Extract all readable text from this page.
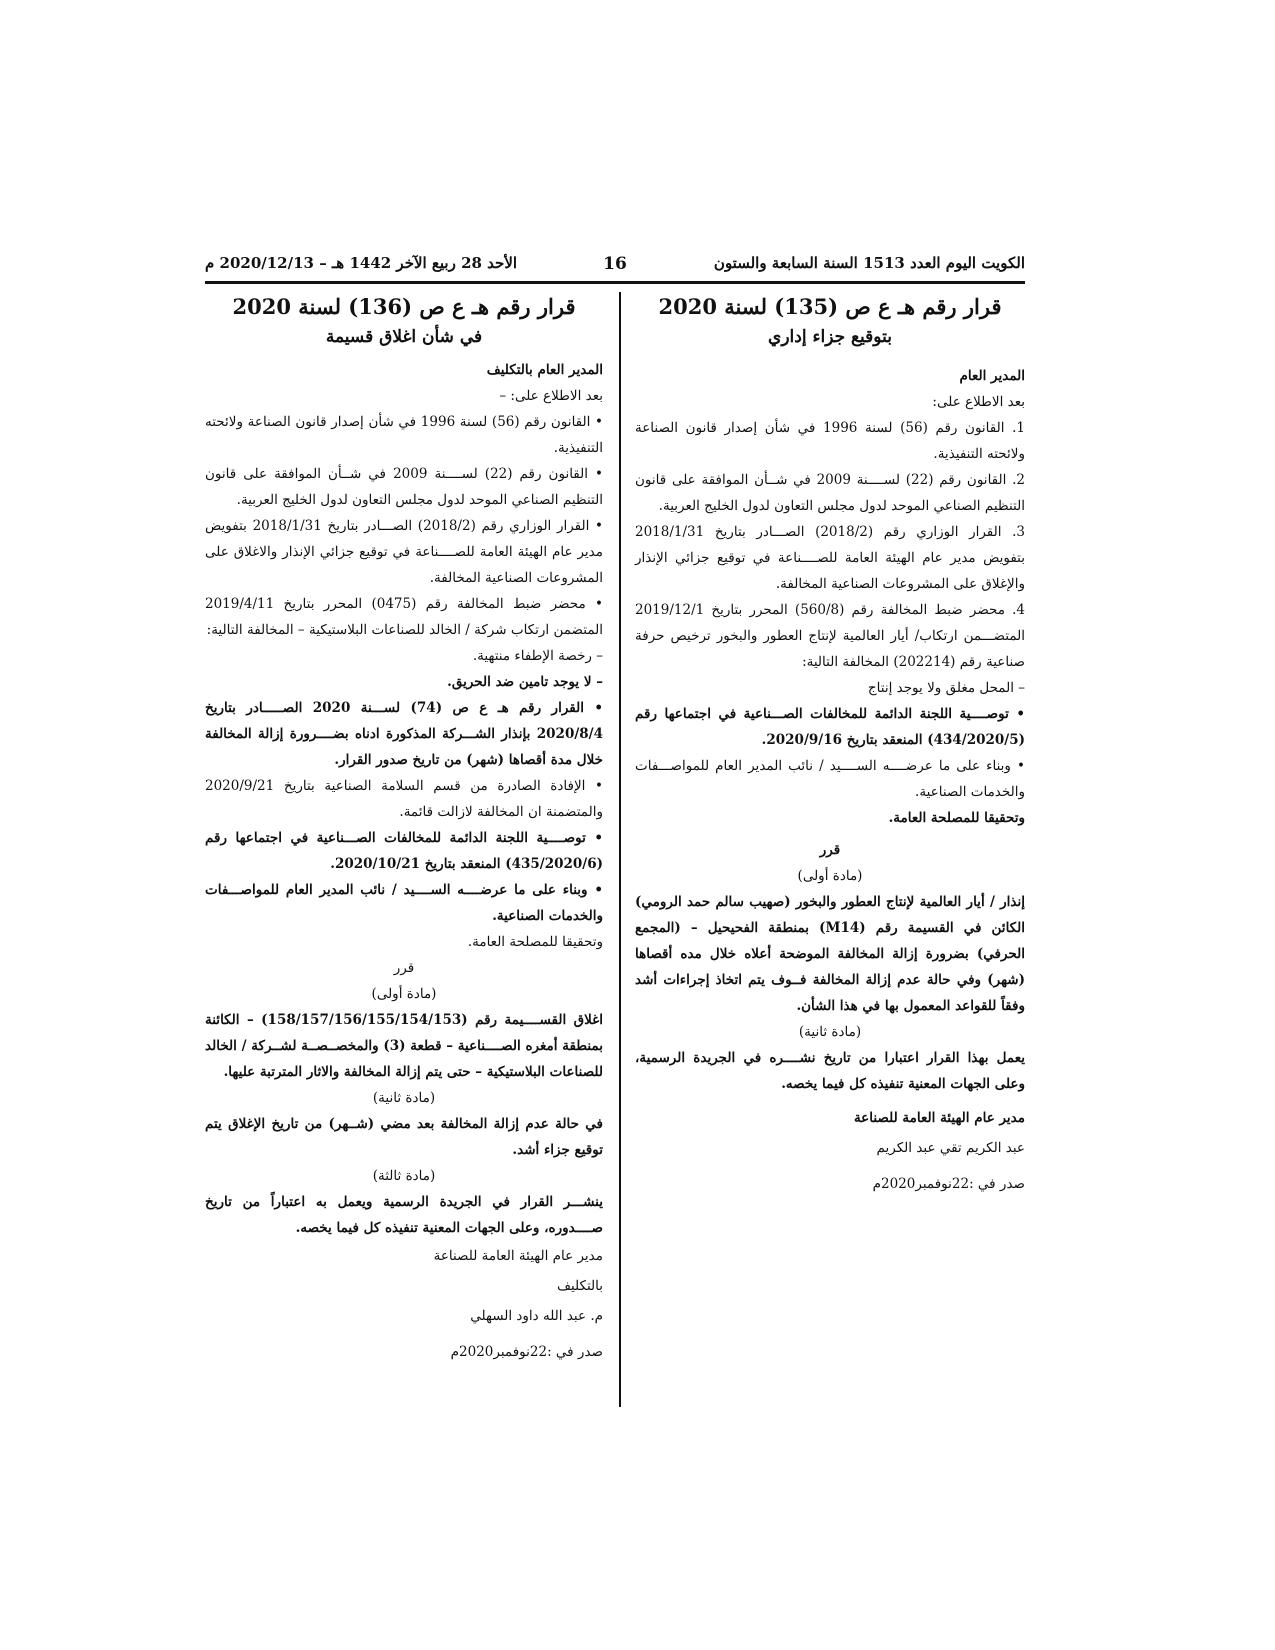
الكويت اليوم العدد 1513 السنة السابعة والستون
16
الأحد 28 ربيع الآخر 1442 هـ – 2020/12/13 م
قرار رقم هـ ع ص (135) لسنة 2020
بتوقيع جزاء إداري

المدير العام

بعد الاطلاع على:

1. القانون رقم (56) لسنة 1996 في شأن إصدار قانون الصناعة ولائحته التنفيذية.

2. القانون رقم (22) لســــنة 2009 في شــأن الموافقة على قانون التنظيم الصناعي الموحد لدول مجلس التعاون لدول الخليج العربية.

3. القرار الوزاري رقم (2018/2) الصـــادر بتاريخ 2018/1/31 بتفويض مدير عام الهيئة العامة للصــــناعة في توقيع جزائي الإنذار والإغلاق على المشروعات الصناعية المخالفة.

4. محضر ضبط المخالفة رقم (560/8) المحرر بتاريخ 2019/12/1 المتضـــمن ارتكاب/ أيار العالمية لإنتاج العطور والبخور ترخيص حرفة صناعية رقم (202214) المخالفة التالية:

– المحل مغلق ولا يوجد إنتاج

• توصــــية اللجنة الدائمة للمخالفات الصـــناعية في اجتماعها رقم (434/2020/5) المنعقد بتاريخ 2020/9/16.

• وبناء على ما عرضــــه الســــيد / نائب المدير العام للمواصـــفات والخدمات الصناعية.

وتحقيقا للمصلحة العامة.

قرر

(مادة أولى)

إنذار / أيار العالمية لإنتاج العطور والبخور (صهيب سالم حمد الرومي) الكائن في القسيمة رقم (M14) بمنطقة الفحيحيل – (المجمع الحرفي) بضرورة إزالة المخالفة الموضحة أعلاه خلال مده أقصاها (شهر) وفي حالة عدم إزالة المخالفة فــوف يتم اتخاذ إجراءات أشد وفقاً للقواعد المعمول بها في هذا الشأن.

(مادة ثانية)

يعمل بهذا القرار اعتبارا من تاريخ نشــــره في الجريدة الرسمية، وعلى الجهات المعنية تنفيذه كل فيما يخصه.

مدير عام الهيئة العامة للصناعة

عبد الكريم تقي عبد الكريم

صدر في :22نوفمبر2020م

قرار رقم هـ ع ص (136) لسنة 2020
في شأن اغلاق قسيمة

المدير العام بالتكليف

بعد الاطلاع على: –

• القانون رقم (56) لسنة 1996 في شأن إصدار قانون الصناعة ولائحته التنفيذية.

• القانون رقم (22) لســــنة 2009 في شــأن الموافقة على قانون التنظيم الصناعي الموحد لدول مجلس التعاون لدول الخليج العربية.

• القرار الوزاري رقم (2018/2) الصـــادر بتاريخ 2018/1/31 بتفويض مدير عام الهيئة العامة للصــــناعة في توقيع جزائي الإنذار والاغلاق على المشروعات الصناعية المخالفة.

• محضر ضبط المخالفة رقم (0475) المحرر بتاريخ 2019/4/11 المتضمن ارتكاب شركة / الخالد للصناعات البلاستيكية – المخالفة التالية:

– رخصة الإطفاء منتهية.

– لا يوجد تامين ضد الحريق.

• القرار رقم هـ ع ص (74) لســـنة 2020 الصـــــادر بتاريخ 2020/8/4 بإنذار الشـــركة المذكورة ادناه بضــــرورة إزالة المخالفة خلال مدة أقصاها (شهر) من تاريخ صدور القرار.

• الإفادة الصادرة من قسم السلامة الصناعية بتاريخ 2020/9/21 والمتضمنة ان المخالفة لازالت قائمة.

• توصــــية اللجنة الدائمة للمخالفات الصـــناعية في اجتماعها رقم (435/2020/6) المنعقد بتاريخ 2020/10/21.

• وبناء على ما عرضــــه الســــيد / نائب المدير العام للمواصـــفات والخدمات الصناعية.

وتحقيقا للمصلحة العامة.

قرر

(مادة أولى)

اغلاق القســــيمة رقم (158/157/156/155/154/153) – الكائنة بمنطقة أمغره الصــــناعية – قطعة (3) والمخصــصــة لشــركة / الخالد للصناعات البلاستيكية – حتى يتم إزالة المخالفة والاثار المترتبة عليها.

(مادة ثانية)

في حالة عدم إزالة المخالفة بعد مضي (شــهر) من تاريخ الإغلاق يتم توقيع جزاء أشد.

(مادة ثالثة)

ينشـــر القرار في الجريدة الرسمية ويعمل به اعتباراً من تاريخ صــــدوره، وعلى الجهات المعنية تنفيذه كل فيما يخصه.

مدير عام الهيئة العامة للصناعة

بالتكليف

م. عبد الله داود السهلي

صدر في :22نوفمبر2020م
